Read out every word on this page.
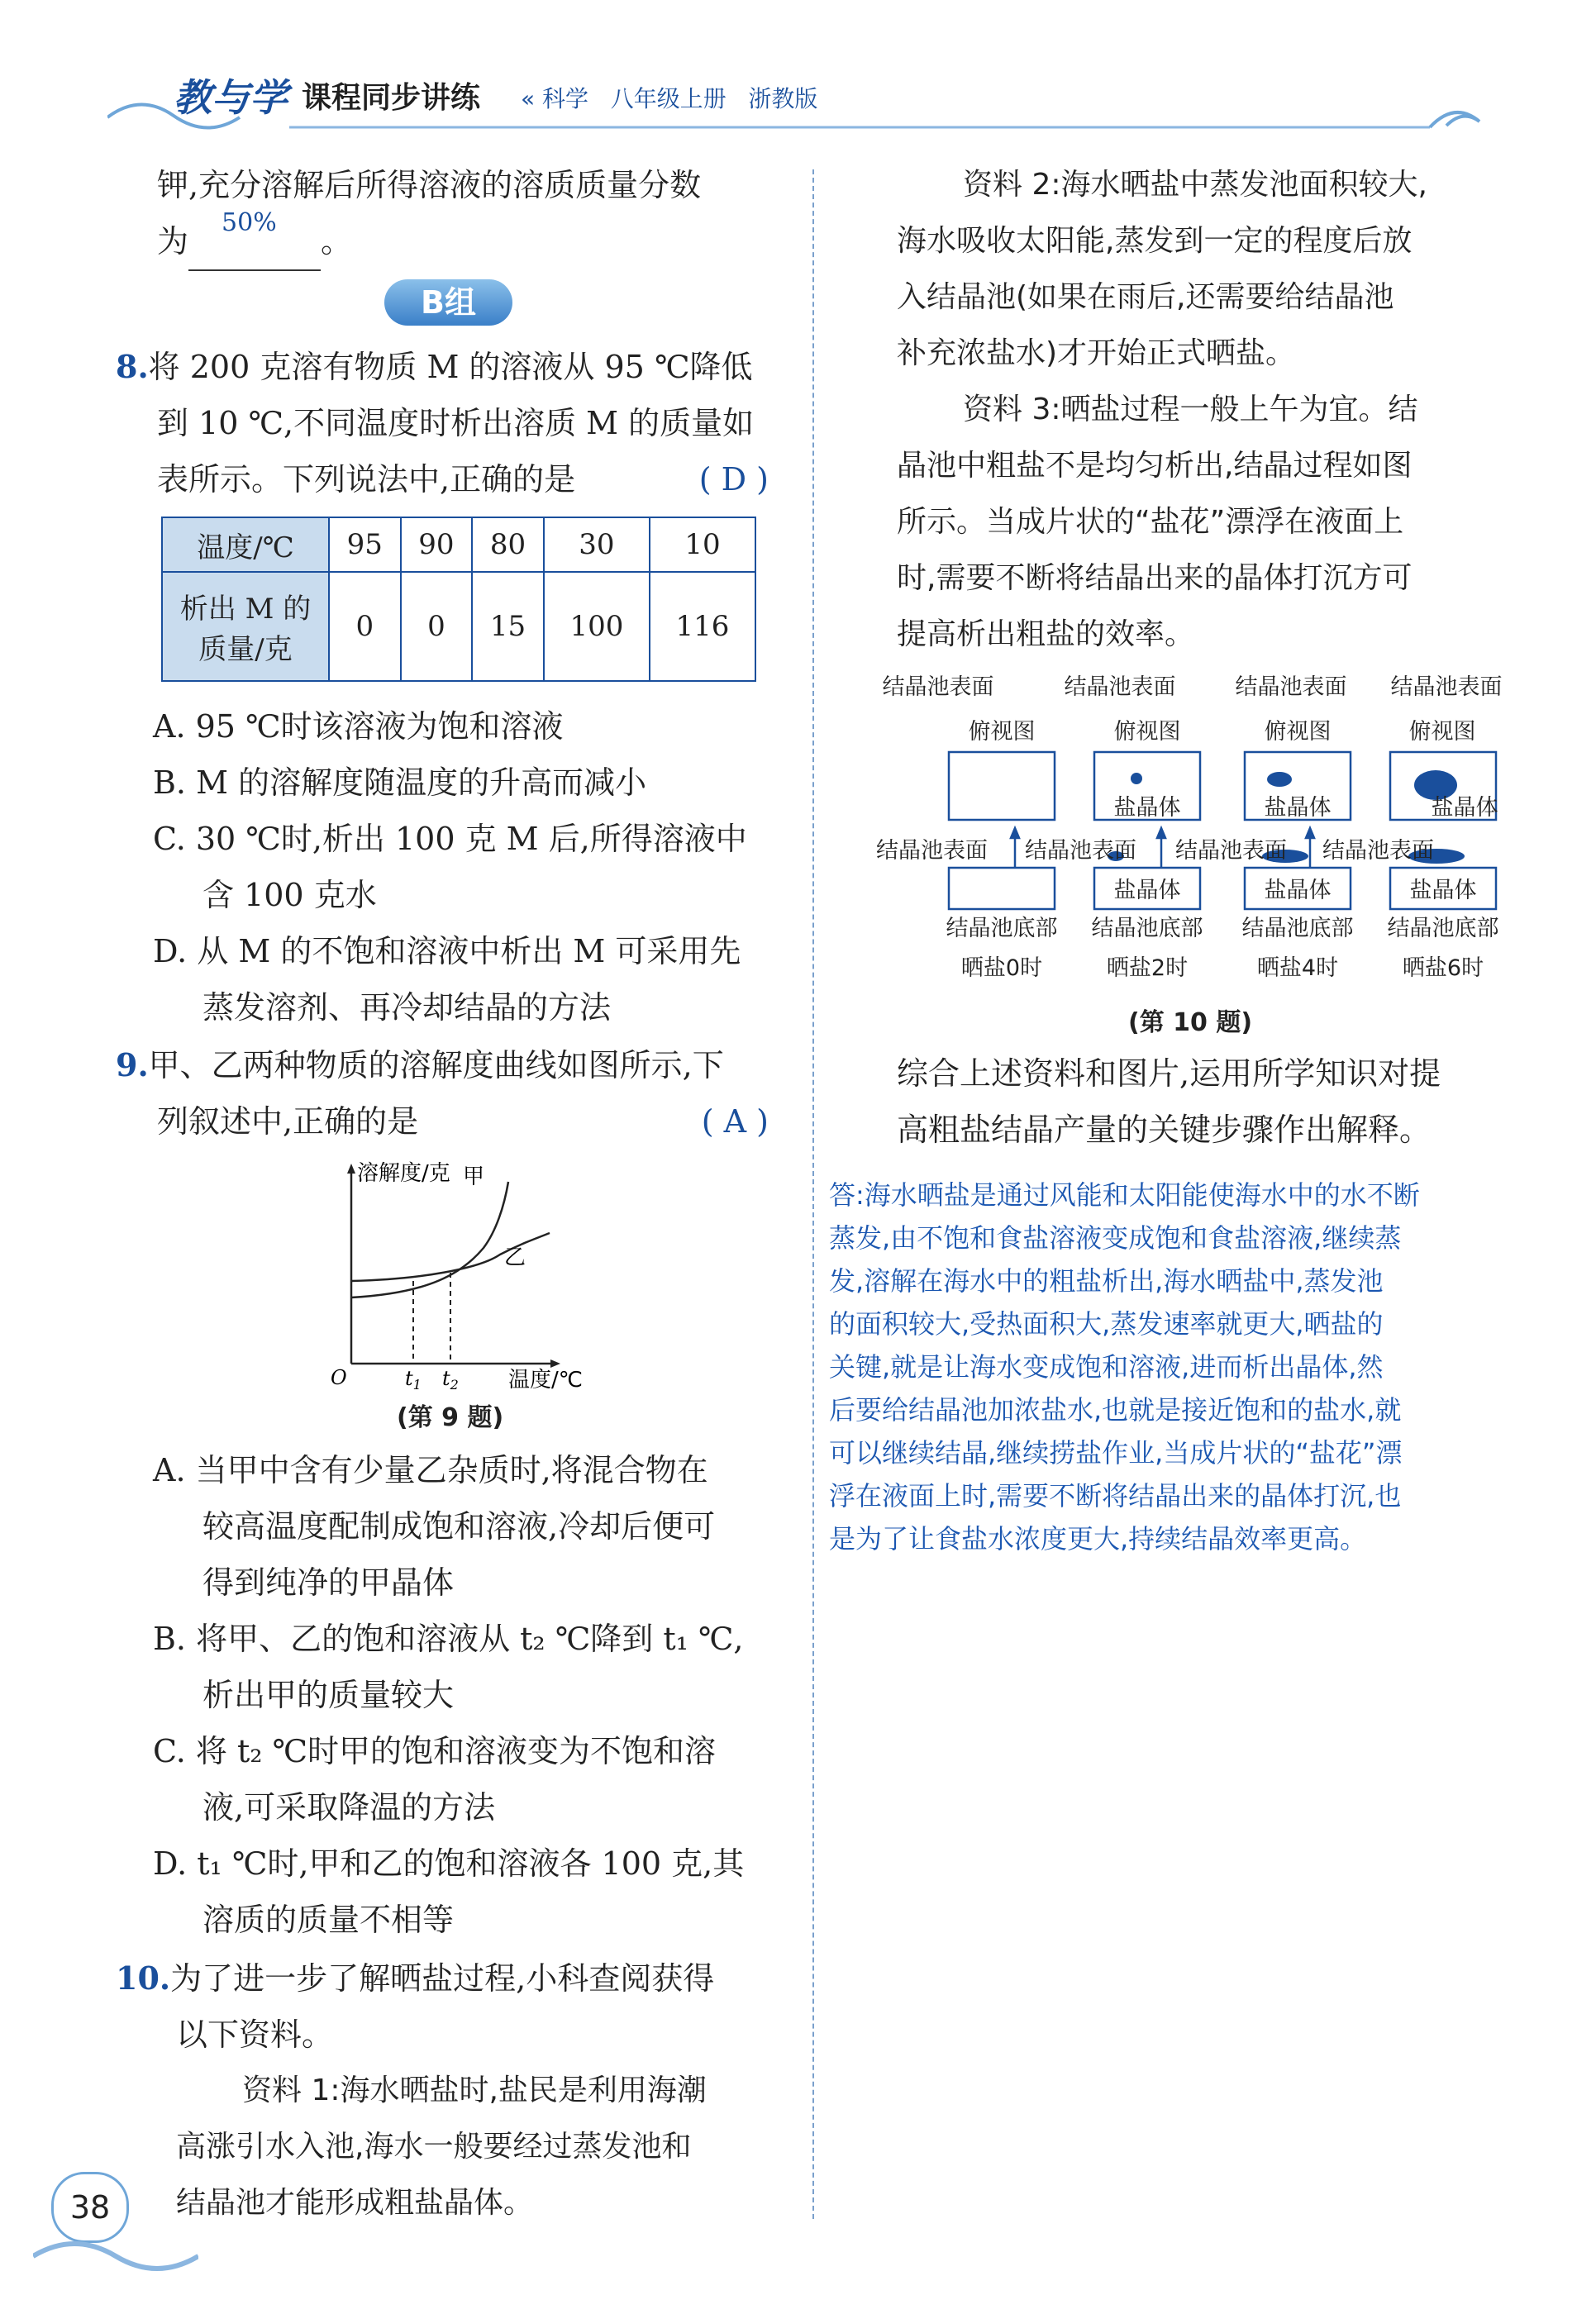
教与学 课程同步讲练 « 科学   八年级上册   浙教版
钾,充分溶解后所得溶液的溶质质量分数
为
50%
。
B组
8.将 200 克溶有物质 M 的溶液从 95 ℃降低
到 10 ℃,不同温度时析出溶质 M 的质量如
表所示。下列说法中,正确的是	( D )
温度/℃	95	90	80	30	10

析出 M 的
质量/克	0	0	15	100	116
A. 95 ℃时该溶液为饱和溶液
B. M 的溶解度随温度的升高而减小
C. 30 ℃时,析出 100 克 M 后,所得溶液中
含 100 克水
D. 从 M 的不饱和溶液中析出 M 可采用先
蒸发溶剂、再冷却结晶的方法
9.甲、乙两种物质的溶解度曲线如图所示,下
列叙述中,正确的是	( A )
溶解度/克 甲
乙
O	$t_1$ $t_2$ 温度/℃
(第 9 题)
A. 当甲中含有少量乙杂质时,将混合物在
较高温度配制成饱和溶液,冷却后便可
得到纯净的甲晶体
B. 将甲、乙的饱和溶液从 t₂ ℃降到 t₁ ℃,
析出甲的质量较大
C. 将 t₂ ℃时甲的饱和溶液变为不饱和溶
液,可采取降温的方法
D. t₁ ℃时,甲和乙的饱和溶液各 100 克,其
溶质的质量不相等
10.为了进一步了解晒盐过程,小科查阅获得
以下资料。
资料 1:海水晒盐时,盐民是利用海潮
高涨引水入池,海水一般要经过蒸发池和
结晶池才能形成粗盐晶体。
资料 2:海水晒盐中蒸发池面积较大,
海水吸收太阳能,蒸发到一定的程度后放
入结晶池(如果在雨后,还需要给结晶池
补充浓盐水)才开始正式晒盐。
资料 3:晒盐过程一般上午为宜。结
晶池中粗盐不是均匀析出,结晶过程如图
所示。当成片状的“盐花”漂浮在液面上
时,需要不断将结晶出来的晶体打沉方可
提高析出粗盐的效率。
结晶池表面
俯视图
结晶池底部
晒盐0时
结晶池表面
俯视图
盐晶体
盐晶体
结晶池底部
晒盐2时
结晶池表面
俯视图
盐晶体
盐晶体
结晶池底部
晒盐4时
结晶池表面
俯视图
盐晶体
盐晶体
结晶池底部
晒盐6时
结晶池表面 结晶池表面 结晶池表面 结晶池表面
(第 10 题)
综合上述资料和图片,运用所学知识对提
高粗盐结晶产量的关键步骤作出解释。
答:海水晒盐是通过风能和太阳能使海水中的水不断
蒸发,由不饱和食盐溶液变成饱和食盐溶液,继续蒸
发,溶解在海水中的粗盐析出,海水晒盐中,蒸发池
的面积较大,受热面积大,蒸发速率就更大,晒盐的
关键,就是让海水变成饱和溶液,进而析出晶体,然
后要给结晶池加浓盐水,也就是接近饱和的盐水,就
可以继续结晶,继续捞盐作业,当成片状的“盐花”漂
浮在液面上时,需要不断将结晶出来的晶体打沉,也
是为了让食盐水浓度更大,持续结晶效率更高。
38
